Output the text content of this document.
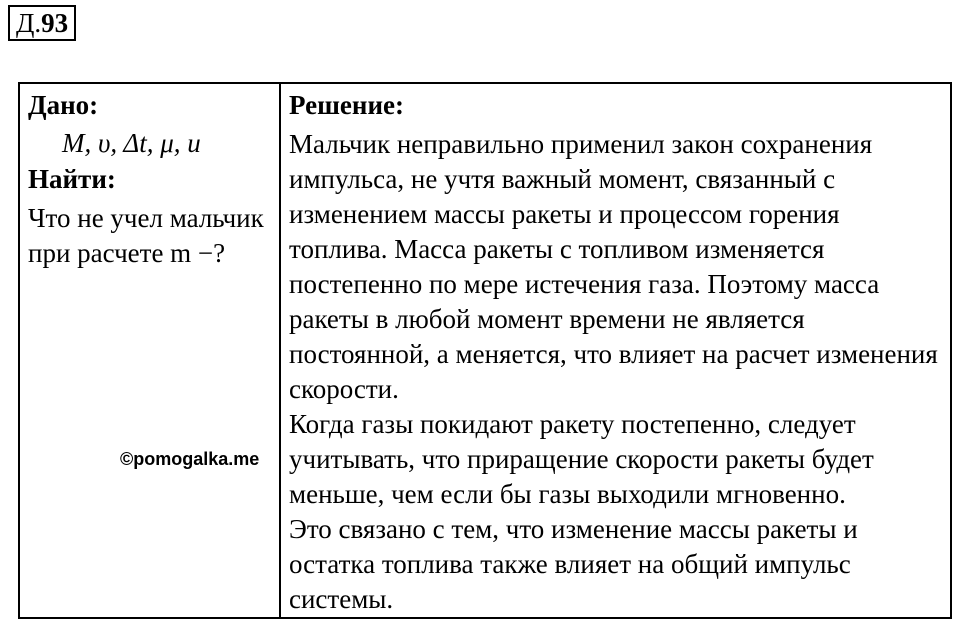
Д.93
Дано:
M, υ, Δt, μ, u
Найти:
Что не учел мальчик при расчете m −?

Решение:
Мальчик неправильно применил закон сохранения импульса, не учтя важный момент, связанный с изменением массы ракеты и процессом горения топлива. Масса ракеты с топливом изменяется постепенно по мере истечения газа. Поэтому масса ракеты в любой момент времени не является постоянной, а меняется, что влияет на расчет изменения скорости.
Когда газы покидают ракету постепенно, следует учитывать, что приращение скорости ракеты будет меньше, чем если бы газы выходили мгновенно.
Это связано с тем, что изменение массы ракеты и остатка топлива также влияет на общий импульс системы.
©pomogalka.me
